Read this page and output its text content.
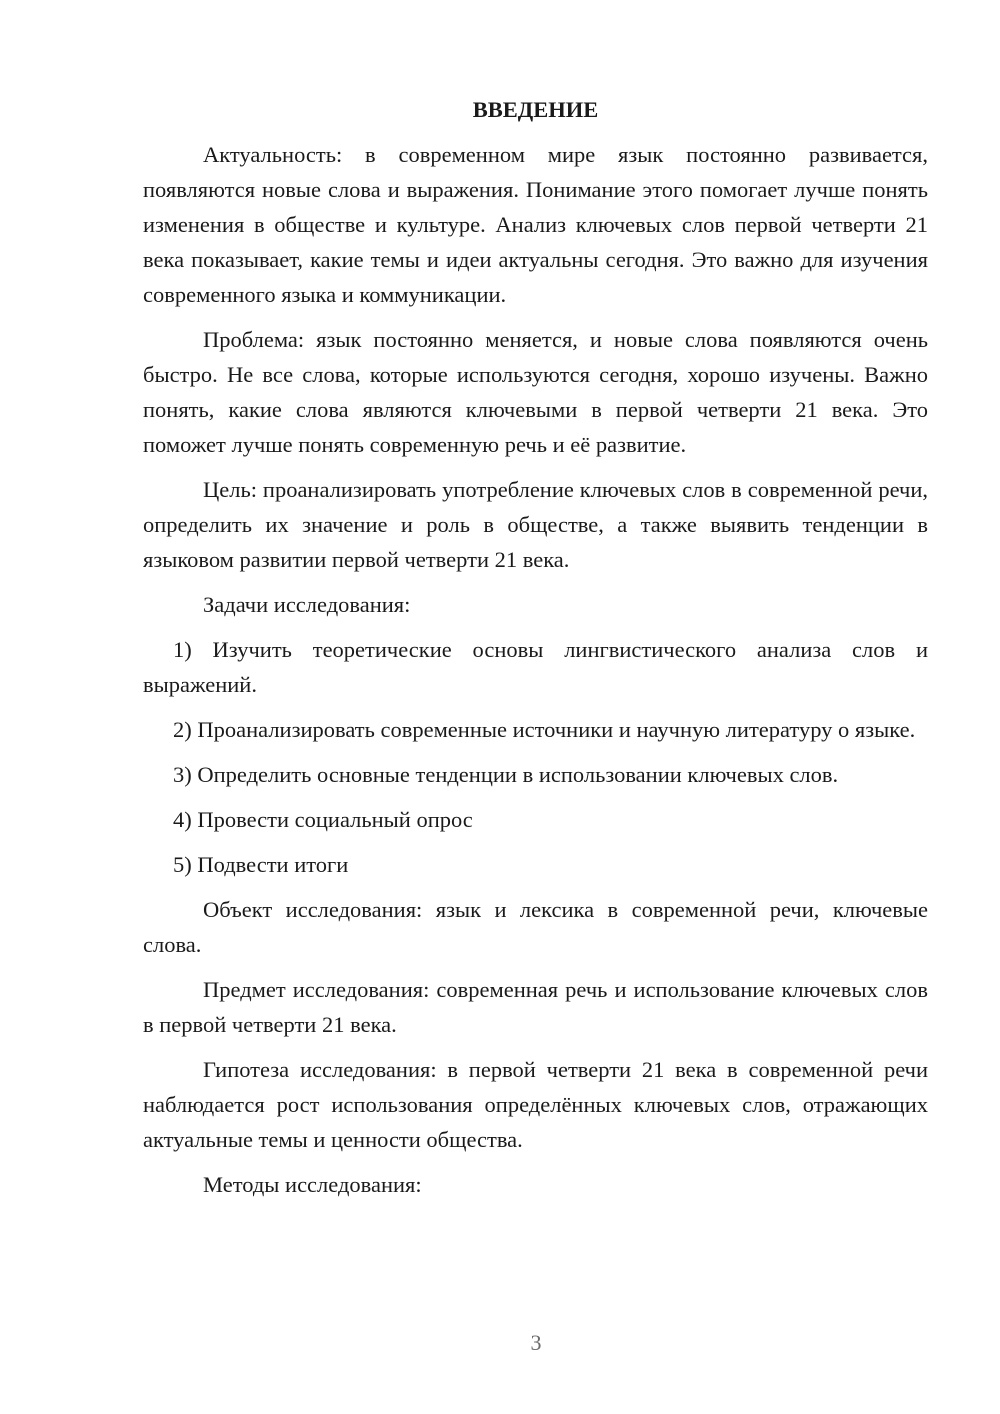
ВВЕДЕНИЕ

Актуальность: в современном мире язык постоянно развивается, появляются новые слова и выражения. Понимание этого помогает лучше понять изменения в обществе и культуре. Анализ ключевых слов первой четверти 21 века показывает, какие темы и идеи актуальны сегодня. Это важно для изучения современного языка и коммуникации.

Проблема: язык постоянно меняется, и новые слова появляются очень быстро. Не все слова, которые используются сегодня, хорошо изучены. Важно понять, какие слова являются ключевыми в первой четверти 21 века. Это поможет лучше понять современную речь и её развитие.

Цель: проанализировать употребление ключевых слов в современной речи, определить их значение и роль в обществе, а также выявить тенденции в языковом развитии первой четверти 21 века.

Задачи исследования:

1) Изучить теоретические основы лингвистического анализа слов и выражений.

2) Проанализировать современные источники и научную литературу о языке.

3) Определить основные тенденции в использовании ключевых слов.

4) Провести социальный опрос

5) Подвести итоги

Объект исследования: язык и лексика в современной речи, ключевые слова.

Предмет исследования: современная речь и использование ключевых слов в первой четверти 21 века.

Гипотеза исследования: в первой четверти 21 века в современной речи наблюдается рост использования определённых ключевых слов, отражающих актуальные темы и ценности общества.

Методы исследования:

3
